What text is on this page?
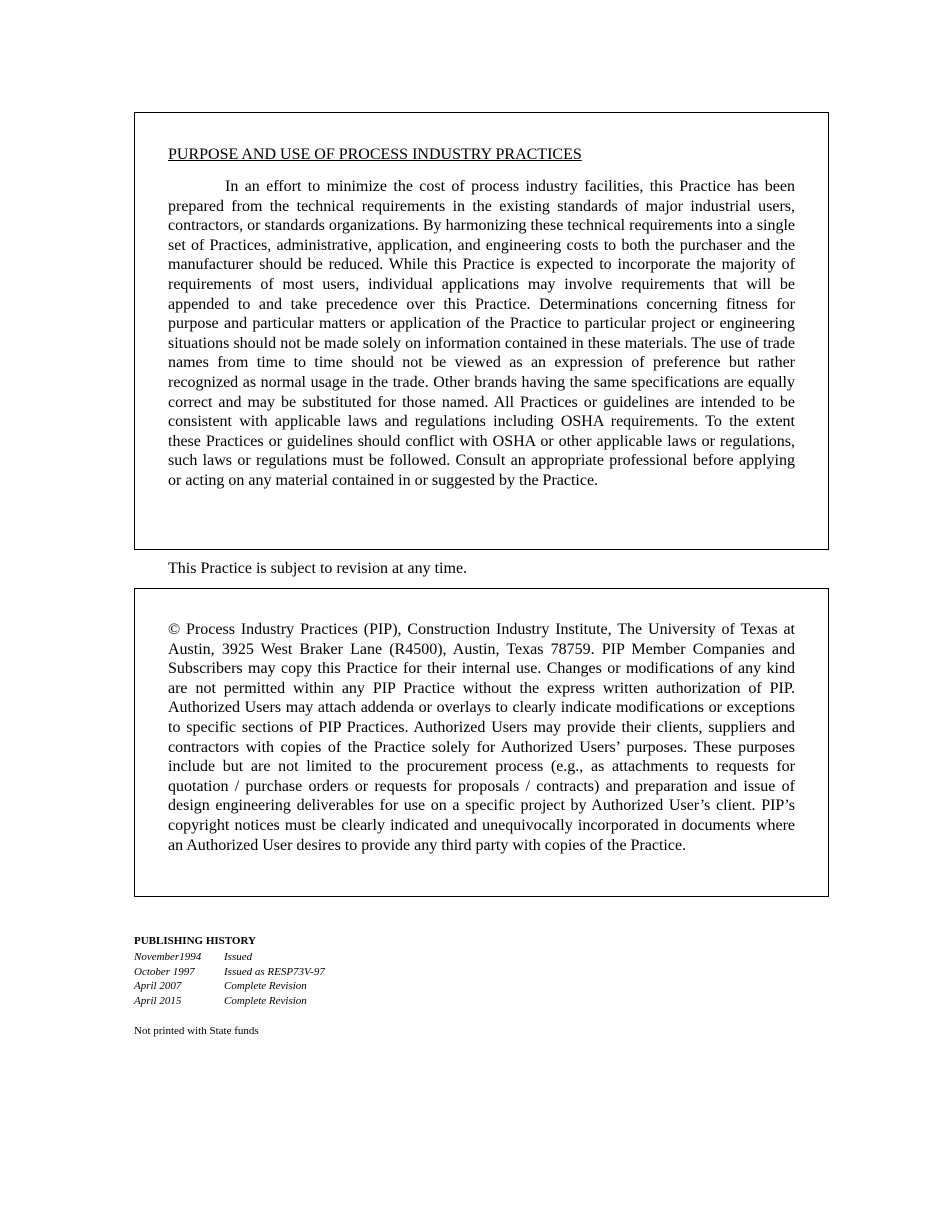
PURPOSE AND USE OF PROCESS INDUSTRY PRACTICES

In an effort to minimize the cost of process industry facilities, this Practice has been prepared from the technical requirements in the existing standards of major industrial users, contractors, or standards organizations. By harmonizing these technical requirements into a single set of Practices, administrative, application, and engineering costs to both the purchaser and the manufacturer should be reduced. While this Practice is expected to incorporate the majority of requirements of most users, individual applications may involve requirements that will be appended to and take precedence over this Practice. Determinations concerning fitness for purpose and particular matters or application of the Practice to particular project or engineering situations should not be made solely on information contained in these materials. The use of trade names from time to time should not be viewed as an expression of preference but rather recognized as normal usage in the trade. Other brands having the same specifications are equally correct and may be substituted for those named. All Practices or guidelines are intended to be consistent with applicable laws and regulations including OSHA requirements. To the extent these Practices or guidelines should conflict with OSHA or other applicable laws or regulations, such laws or regulations must be followed. Consult an appropriate professional before applying or acting on any material contained in or suggested by the Practice.

This Practice is subject to revision at any time.

© Process Industry Practices (PIP), Construction Industry Institute, The University of Texas at Austin, 3925 West Braker Lane (R4500), Austin, Texas 78759. PIP Member Companies and Subscribers may copy this Practice for their internal use. Changes or modifications of any kind are not permitted within any PIP Practice without the express written authorization of PIP. Authorized Users may attach addenda or overlays to clearly indicate modifications or exceptions to specific sections of PIP Practices. Authorized Users may provide their clients, suppliers and contractors with copies of the Practice solely for Authorized Users’ purposes. These purposes include but are not limited to the procurement process (e.g., as attachments to requests for quotation / purchase orders or requests for proposals / contracts) and preparation and issue of design engineering deliverables for use on a specific project by Authorized User’s client. PIP’s copyright notices must be clearly indicated and unequivocally incorporated in documents where an Authorized User desires to provide any third party with copies of the Practice.

PUBLISHING HISTORY

November1994	Issued
October 1997	Issued as RESP73V-97
April 2007	Complete Revision
April 2015	Complete Revision

Not printed with State funds
